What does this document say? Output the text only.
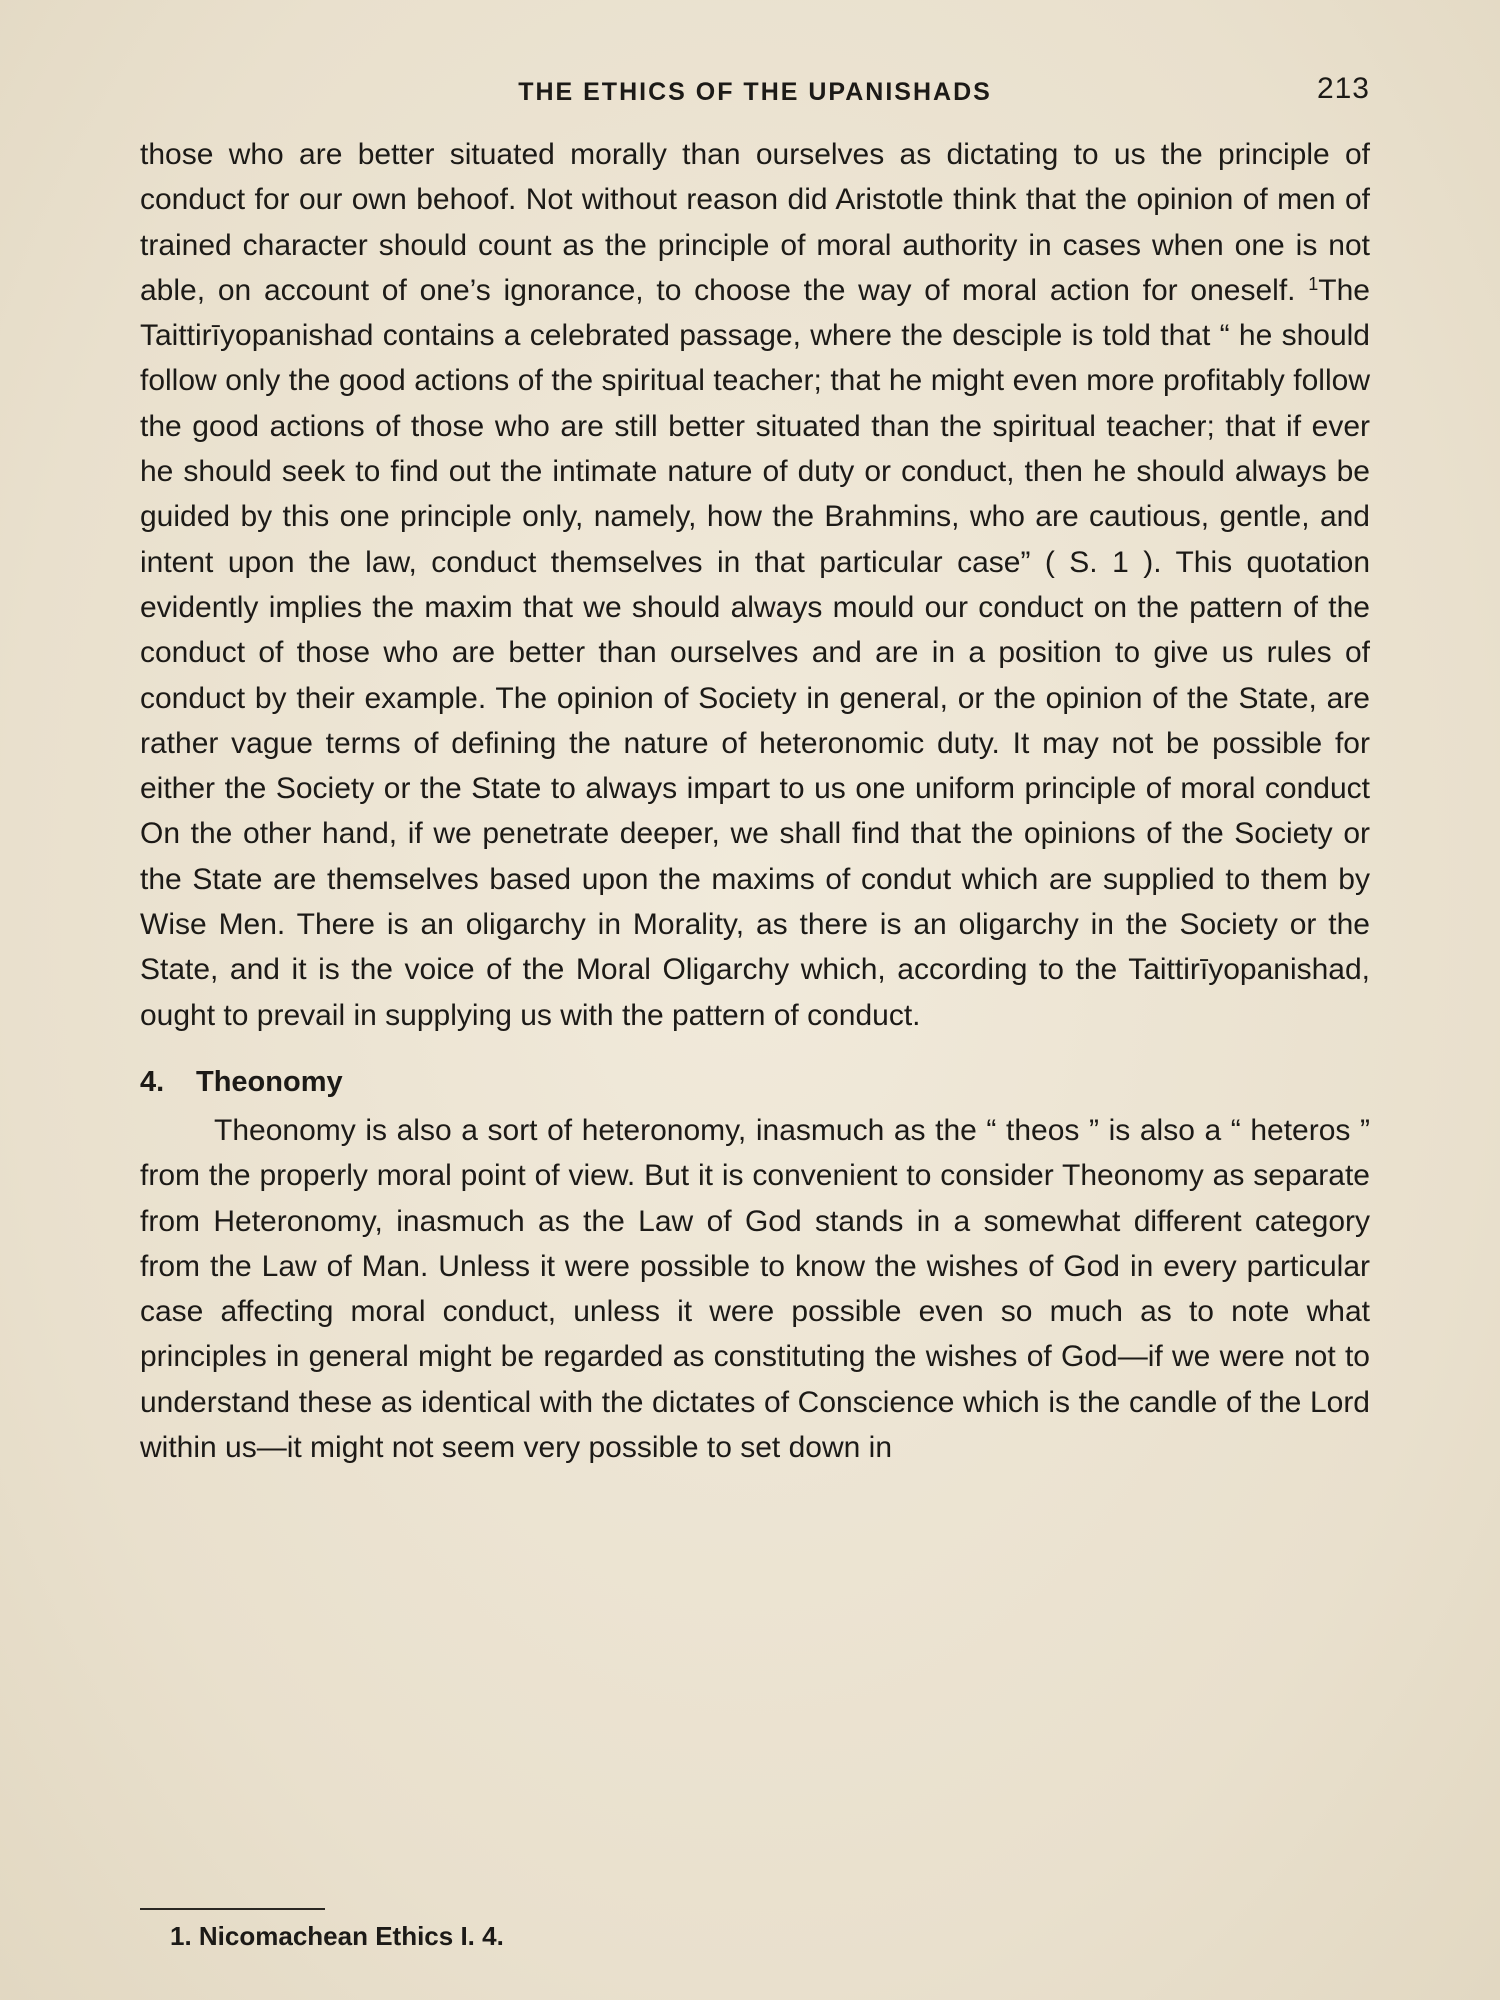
THE ETHICS OF THE UPANISHADS	213

those who are better situated morally than ourselves as dictating to us the principle of conduct for our own behoof. Not without reason did Aristotle think that the opinion of men of trained character should count as the principle of moral authority in cases when one is not able, on account of one’s ignorance, to choose the way of moral action for oneself. $^1$The Taittirīyopanishad contains a celebrated passage, where the desciple is told that “ he should follow only the good actions of the spiritual teacher; that he might even more profitably follow the good actions of those who are still better situated than the spiritual teacher; that if ever he should seek to find out the intimate nature of duty or conduct, then he should always be guided by this one principle only, namely, how the Brahmins, who are cautious, gentle, and intent upon the law, conduct themselves in that particular case” ( S. 1 ). This quotation evidently implies the maxim that we should always mould our conduct on the pattern of the conduct of those who are better than ourselves and are in a position to give us rules of conduct by their example. The opinion of Society in general, or the opinion of the State, are rather vague terms of defining the nature of heteronomic duty. It may not be possible for either the Society or the State to always impart to us one uniform principle of moral conduct On the other hand, if we penetrate deeper, we shall find that the opinions of the Society or the State are themselves based upon the maxims of condut which are supplied to them by Wise Men. There is an oligarchy in Morality, as there is an oligarchy in the Society or the State, and it is the voice of the Moral Oligarchy which, according to the Taittirīyopanishad, ought to prevail in supplying us with the pattern of conduct.

4. Theonomy

Theonomy is also a sort of heteronomy, inasmuch as the “ theos ” is also a “ heteros ” from the properly moral point of view. But it is convenient to consider Theonomy as separate from Heteronomy, inasmuch as the Law of God stands in a somewhat different category from the Law of Man. Unless it were possible to know the wishes of God in every particular case affecting moral conduct, unless it were possible even so much as to note what principles in general might be regarded as constituting the wishes of God—if we were not to understand these as identical with the dictates of Conscience which is the candle of the Lord within us—it might not seem very possible to set down in

1. Nicomachean Ethics I. 4.
